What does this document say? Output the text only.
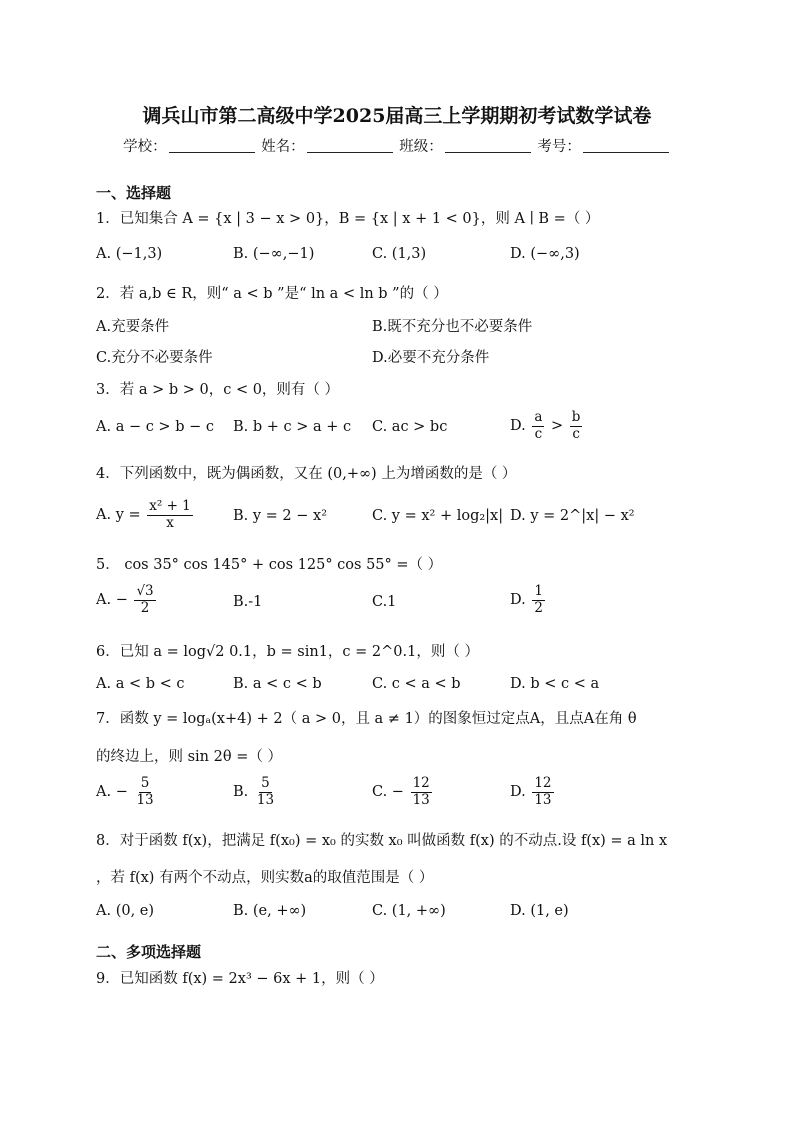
调兵山市第二高级中学2025届高三上学期期初考试数学试卷
学校：	姓名：	班级：	考号：
一、选择题
1．已知集合 A = {x | 3 − x > 0}，B = {x | x + 1 < 0}，则 A ∣ B =（ ）
A. (−1,3)	B. (−∞,−1)	C. (1,3)	D. (−∞,3)
2．若 a,b ∈ R，则“ a < b ”是“ ln a < ln b ”的（ ）
A.充要条件	B.既不充分也不必要条件
C.充分不必要条件	D.必要不充分条件
3．若 a > b > 0，c < 0，则有（ ）
A. a − c > b − c B. b + c > a + c C. ac > bc	D. $\frac{a}{c} > \frac{b}{c}$
4．下列函数中，既为偶函数，又在 (0,+∞) 上为增函数的是（ ）
A. $y = \frac{\text{x² + 1}}{x}$	B. y = 2 − x²	C. y = x² + log₂|x| D. y = 2^|x| − x²
5． cos 35° cos 145° + cos 125° cos 55° =（ ）
A. − $\frac{√3}{2}$	B.-1	C.1	D. $\frac{1}{2}$
6．已知 a = log√2 0.1，b = sin1，c = 2^0.1，则（ ）
A. a < b < c	B. a < c < b	C. c < a < b	D. b < c < a
7．函数 y = logₐ(x+4) + 2（ a > 0，且 a ≠ 1）的图象恒过定点A，且点A在角 θ
的终边上，则 sin 2θ =（ ）
A. − $\frac{5}{13}$	B. $\frac{5}{13}$	C. − $\frac{12}{13}$	D. $\frac{12}{13}$
8．对于函数 f(x)，把满足 f(x₀) = x₀ 的实数 x₀ 叫做函数 f(x) 的不动点.设 f(x) = a ln x
，若 f(x) 有两个不动点，则实数a的取值范围是（ ）
A. (0, e)	B. (e, +∞)	C. (1, +∞)	D. (1, e)
二、多项选择题
9．已知函数 f(x) = 2x³ − 6x + 1，则（ ）
